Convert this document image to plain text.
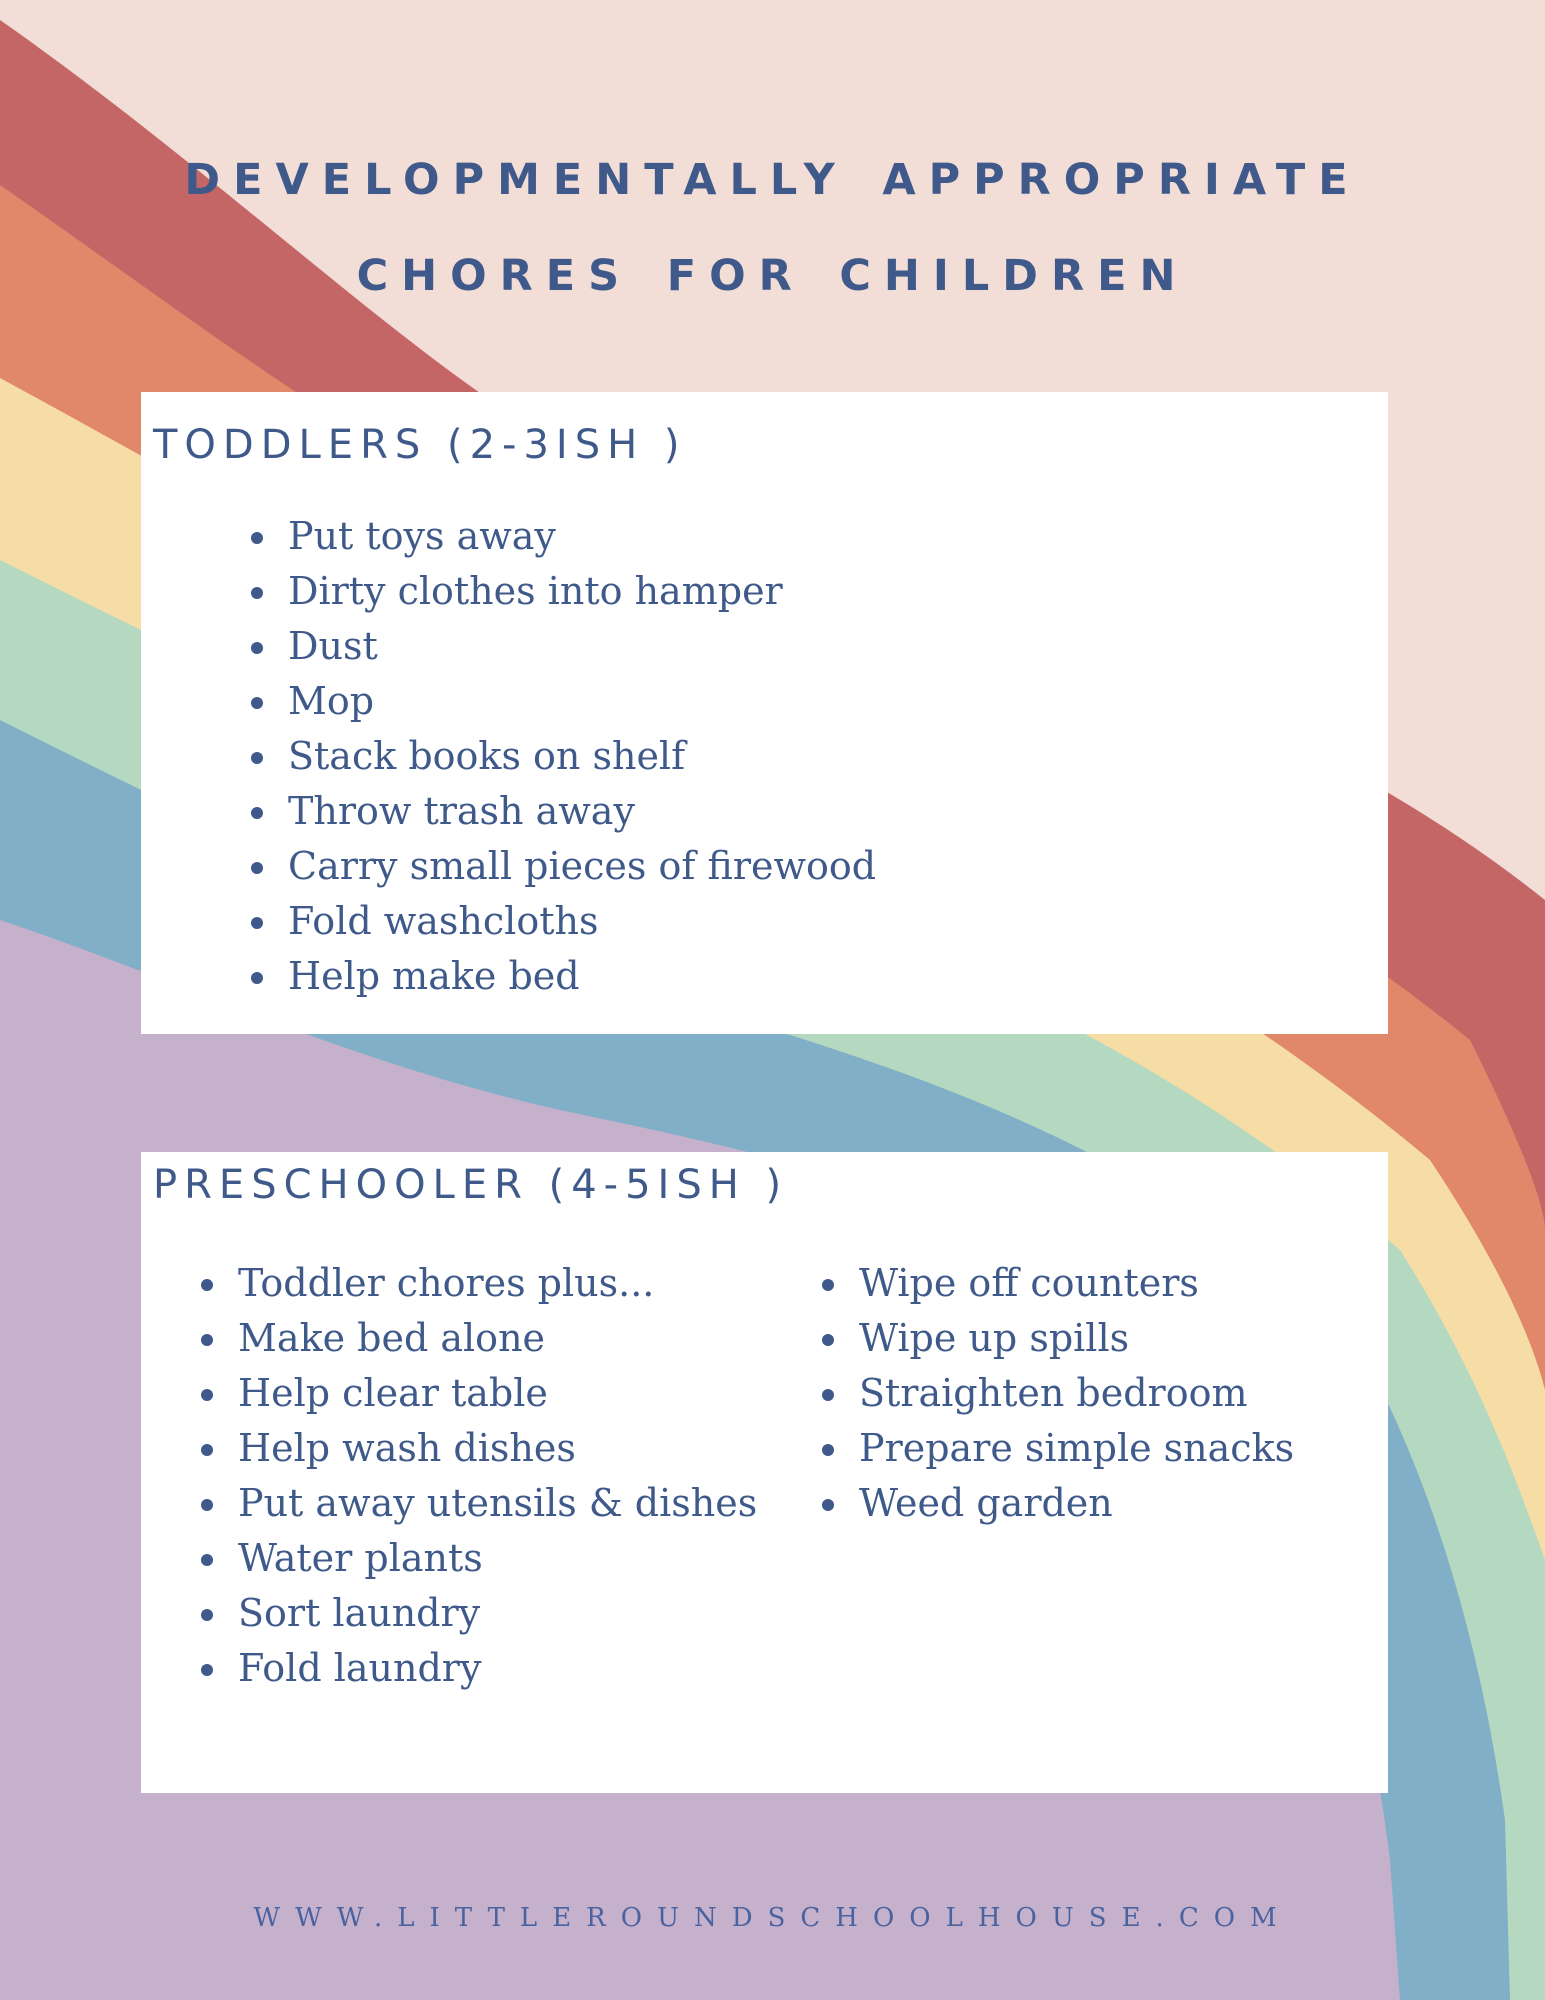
developmentally appropriate
chores for children
TODDLERS (2-3ISH )
Put toys away
Dirty clothes into hamper
Dust
Mop
Stack books on shelf
Throw trash away
Carry small pieces of firewood
Fold washcloths
Help make bed
PRESCHOOLER (4-5ISH )
Toddler chores plus...
Make bed alone
Help clear table
Help wash dishes
Put away utensils & dishes
Water plants
Sort laundry
Fold laundry
Wipe off counters
Wipe up spills
Straighten bedroom
Prepare simple snacks
Weed garden
WWW.LITTLEROUNDSCHOOLHOUSE.COM
